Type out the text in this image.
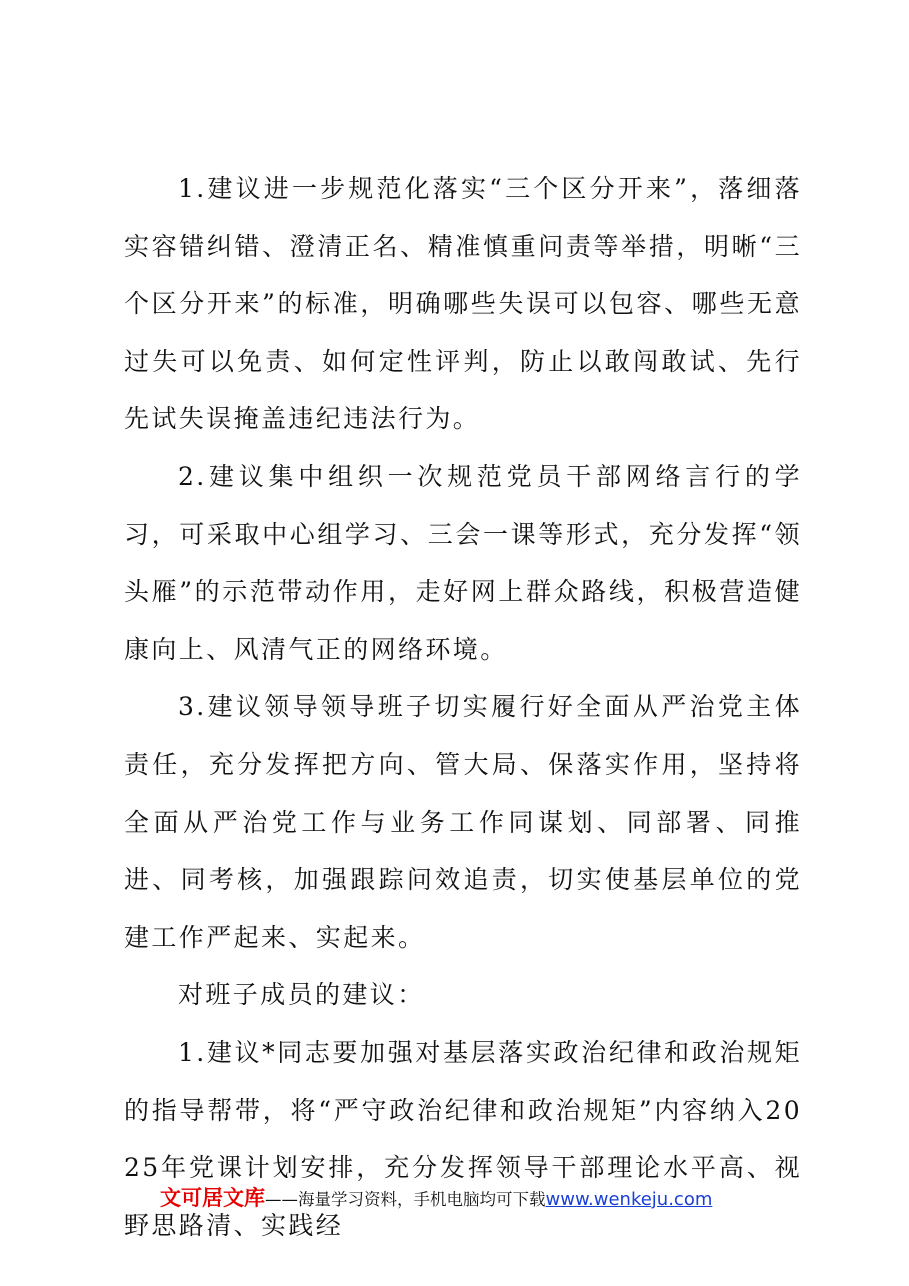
1.建议进一步规范化落实“三个区分开来”，落细落实容错纠错、澄清正名、精准慎重问责等举措，明晰“三个区分开来”的标准，明确哪些失误可以包容、哪些无意过失可以免责、如何定性评判，防止以敢闯敢试、先行先试失误掩盖违纪违法行为。

2.建议集中组织一次规范党员干部网络言行的学习，可采取中心组学习、三会一课等形式，充分发挥“领头雁”的示范带动作用，走好网上群众路线，积极营造健康向上、风清气正的网络环境。

3.建议领导领导班子切实履行好全面从严治党主体责任，充分发挥把方向、管大局、保落实作用，坚持将全面从严治党工作与业务工作同谋划、同部署、同推进、同考核，加强跟踪问效追责，切实使基层单位的党建工作严起来、实起来。

对班子成员的建议：

1.建议*同志要加强对基层落实政治纪律和政治规矩的指导帮带，将“严守政治纪律和政治规矩”内容纳入2025年党课计划安排，充分发挥领导干部理论水平高、视野思路清、实践经

文可居文库——海量学习资料，手机电脑均可下载www.wenkeju.com
